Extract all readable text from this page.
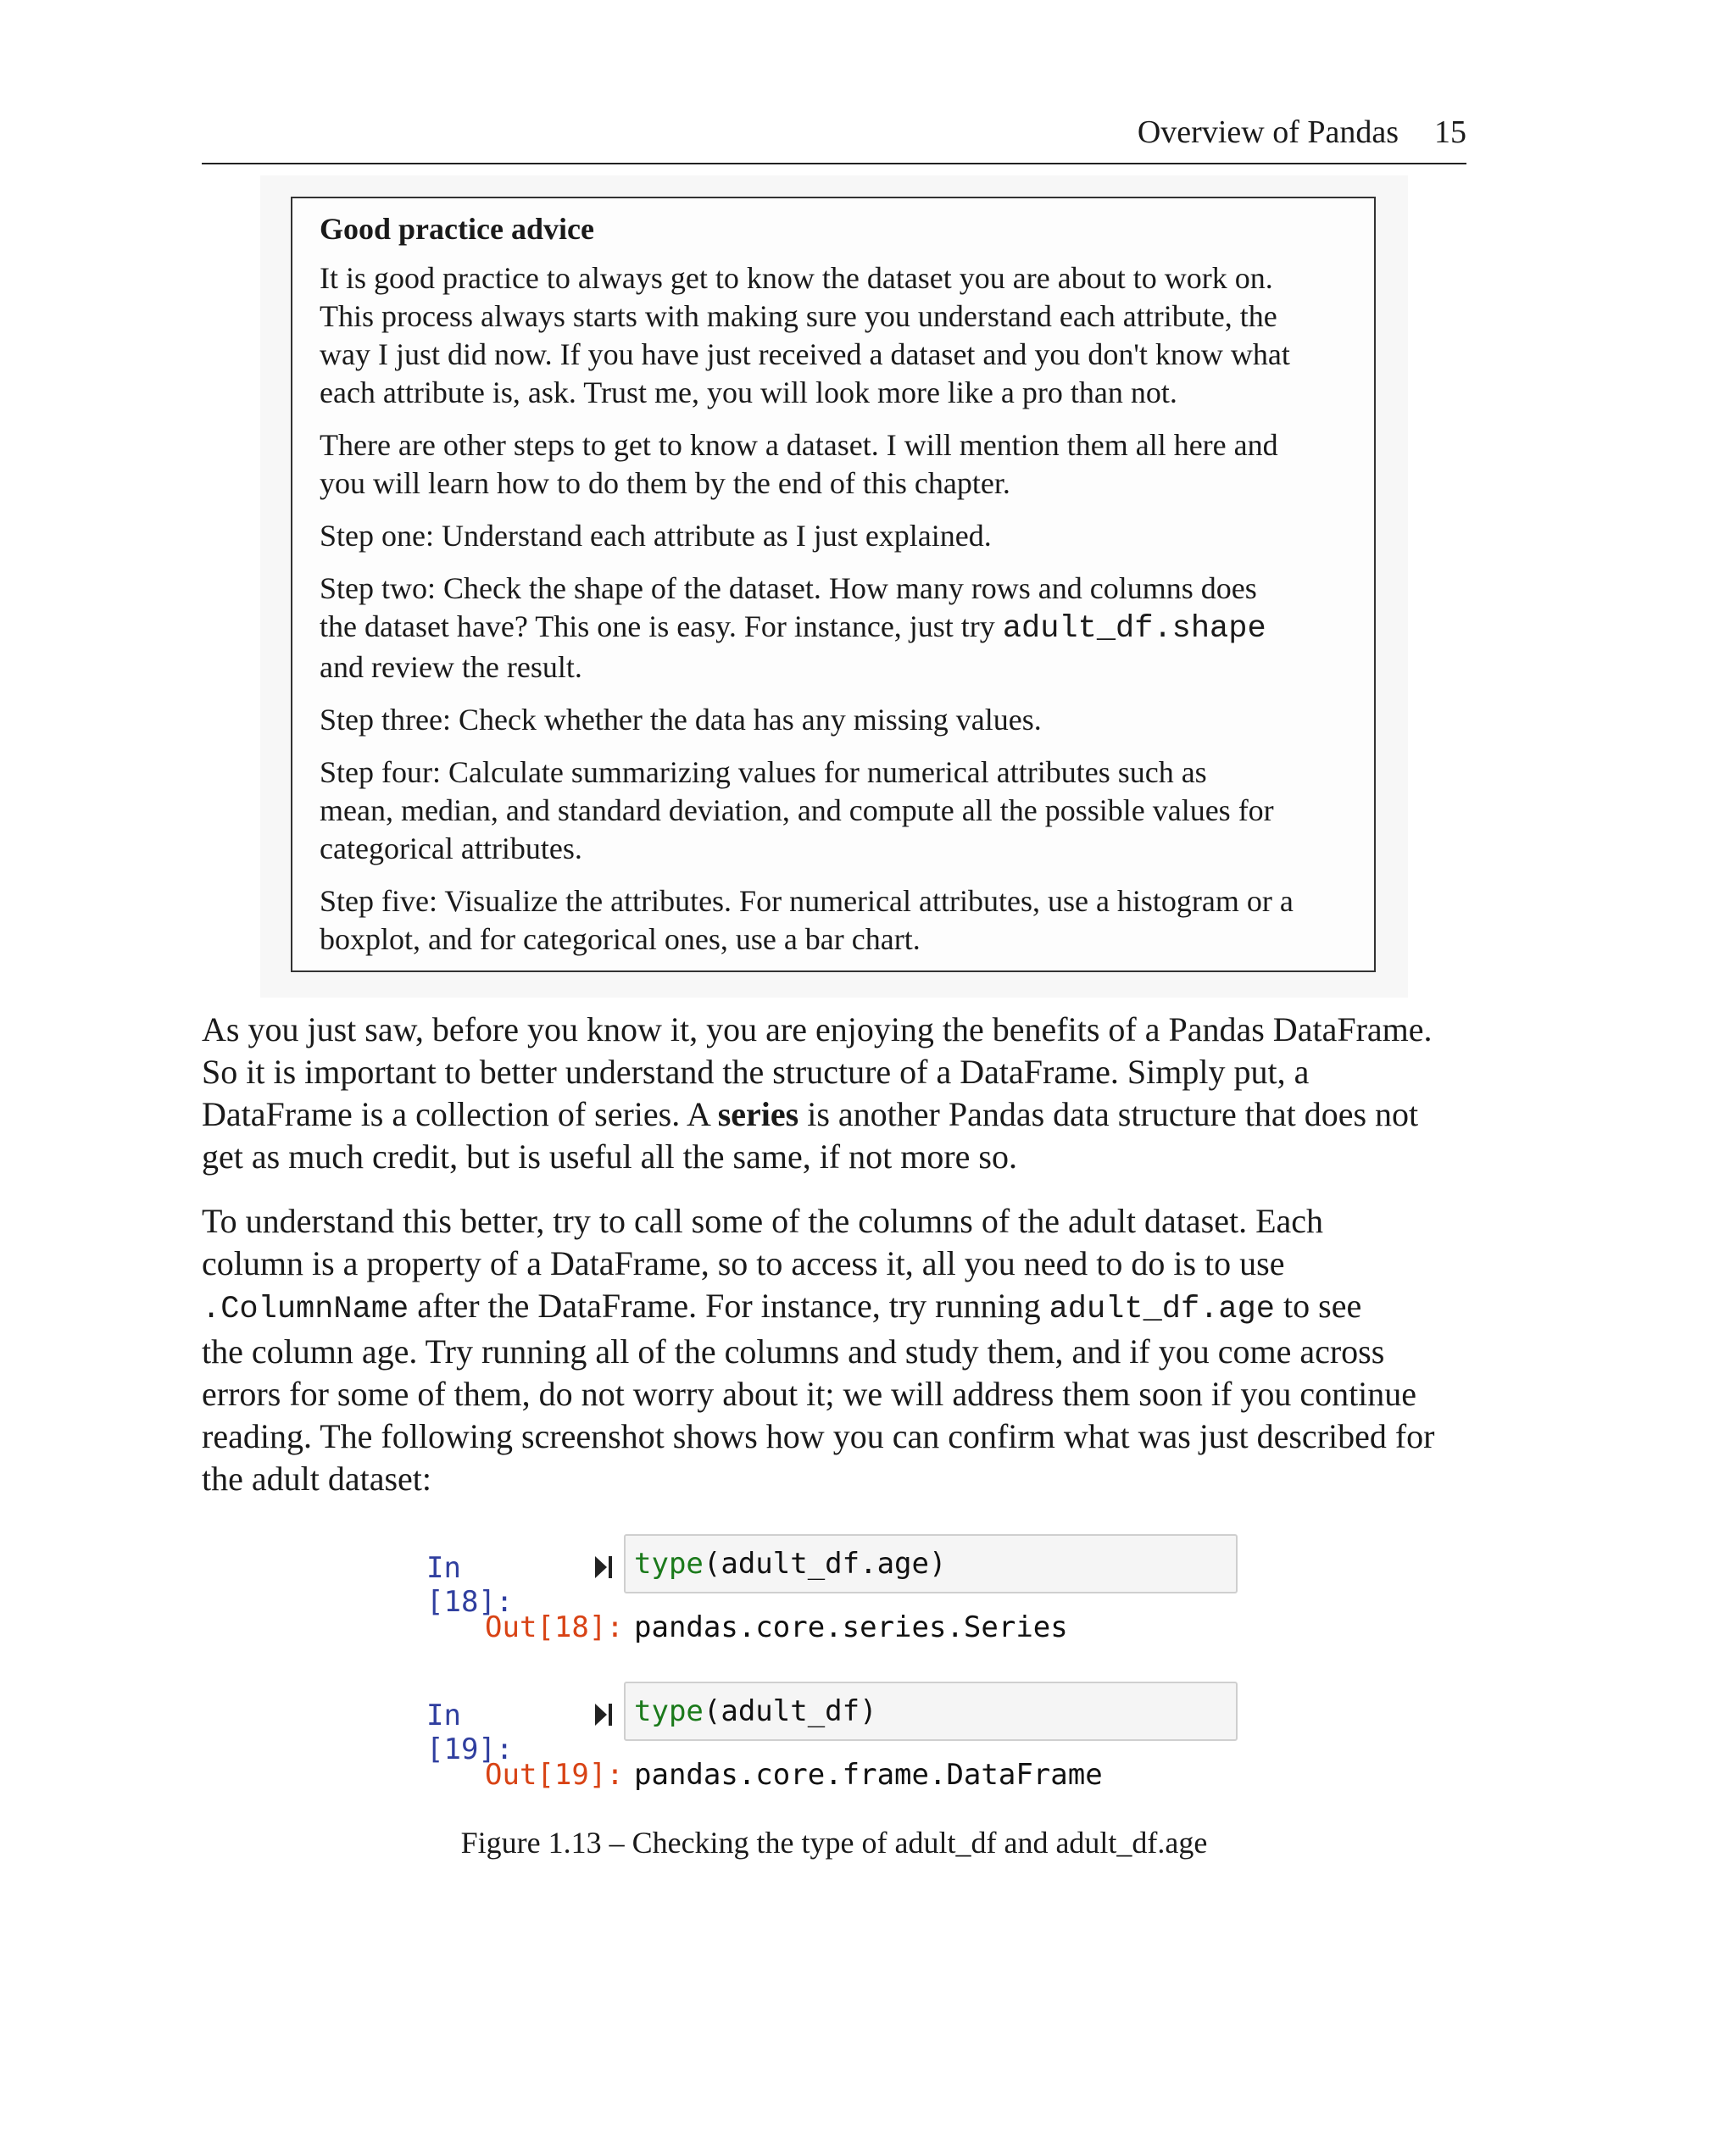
Overview of Pandas 15
Good practice advice
It is good practice to always get to know the dataset you are about to work on.
This process always starts with making sure you understand each attribute, the
way I just did now. If you have just received a dataset and you don't know what
each attribute is, ask. Trust me, you will look more like a pro than not.
There are other steps to get to know a dataset. I will mention them all here and
you will learn how to do them by the end of this chapter.
Step one: Understand each attribute as I just explained.
Step two: Check the shape of the dataset. How many rows and columns does
the dataset have? This one is easy. For instance, just try adult_df.shape
and review the result.
Step three: Check whether the data has any missing values.
Step four: Calculate summarizing values for numerical attributes such as
mean, median, and standard deviation, and compute all the possible values for
categorical attributes.
Step five: Visualize the attributes. For numerical attributes, use a histogram or a
boxplot, and for categorical ones, use a bar chart.

As you just saw, before you know it, you are enjoying the benefits of a Pandas DataFrame.
So it is important to better understand the structure of a DataFrame. Simply put, a
DataFrame is a collection of series. A series is another Pandas data structure that does not
get as much credit, but is useful all the same, if not more so.

To understand this better, try to call some of the columns of the adult dataset. Each
column is a property of a DataFrame, so to access it, all you need to do is to use
.ColumnName after the DataFrame. For instance, try running adult_df.age to see
the column age. Try running all of the columns and study them, and if you come across
errors for some of them, do not worry about it; we will address them soon if you continue
reading. The following screenshot shows how you can confirm what was just described for
the adult dataset:

In [18]:
type(adult_df.age)
Out[18]: pandas.core.series.Series
In [19]:
type(adult_df)
Out[19]: pandas.core.frame.DataFrame
Figure 1.13 – Checking the type of adult_df and adult_df.age
